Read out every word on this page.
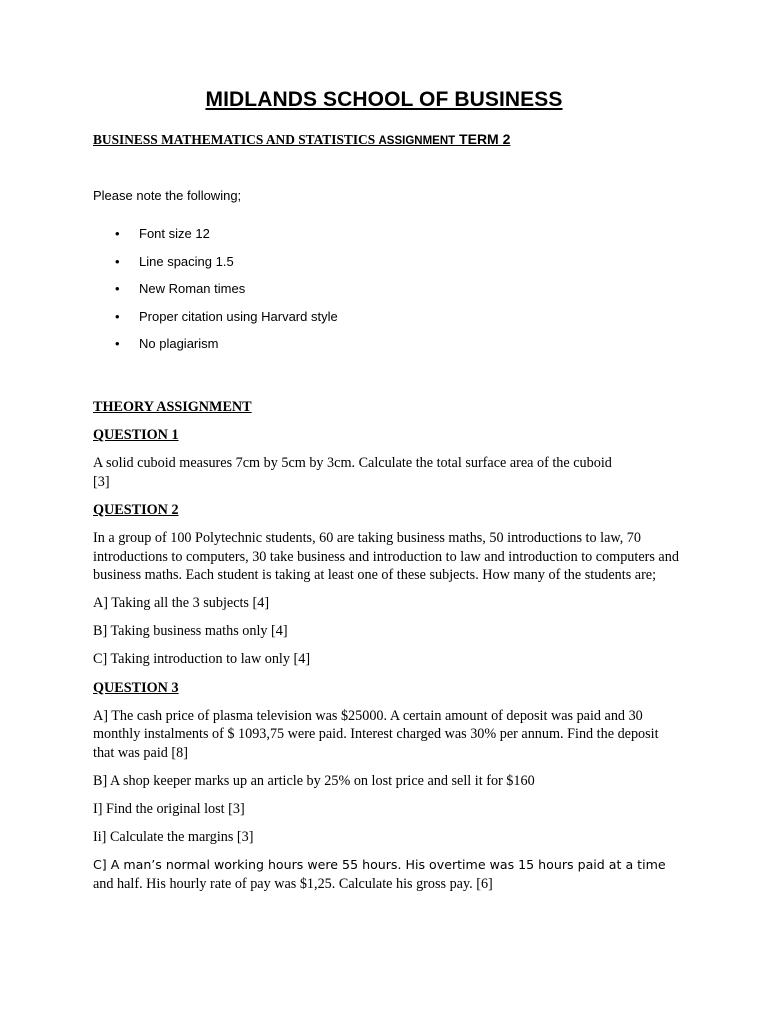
MIDLANDS SCHOOL OF BUSINESS
BUSINESS MATHEMATICS AND STATISTICS ASSIGNMENT TERM 2
Please note the following;
• Font size 12
• Line spacing 1.5
• New Roman times
• Proper citation using Harvard style
• No plagiarism
THEORY ASSIGNMENT
QUESTION 1

A solid cuboid measures 7cm by 5cm by 3cm. Calculate the total surface area of the cuboid
[3]

QUESTION 2

In a group of 100 Polytechnic students, 60 are taking business maths, 50 introductions to law, 70 introductions to computers, 30 take business and introduction to law and introduction to computers and business maths. Each student is taking at least one of these subjects. How many of the students are;

A] Taking all the 3 subjects [4]

B] Taking business maths only [4]

C] Taking introduction to law only [4]

QUESTION 3

A] The cash price of plasma television was $25000. A certain amount of deposit was paid and 30 monthly instalments of $ 1093,75 were paid. Interest charged was 30% per annum. Find the deposit that was paid [8]

B] A shop keeper marks up an article by 25% on lost price and sell it for $160

I] Find the original lost [3]

Ii] Calculate the margins [3]

C] A man’s normal working hours were 55 hours. His overtime was 15 hours paid at a time
and half. His hourly rate of pay was $1,25. Calculate his gross pay. [6]
